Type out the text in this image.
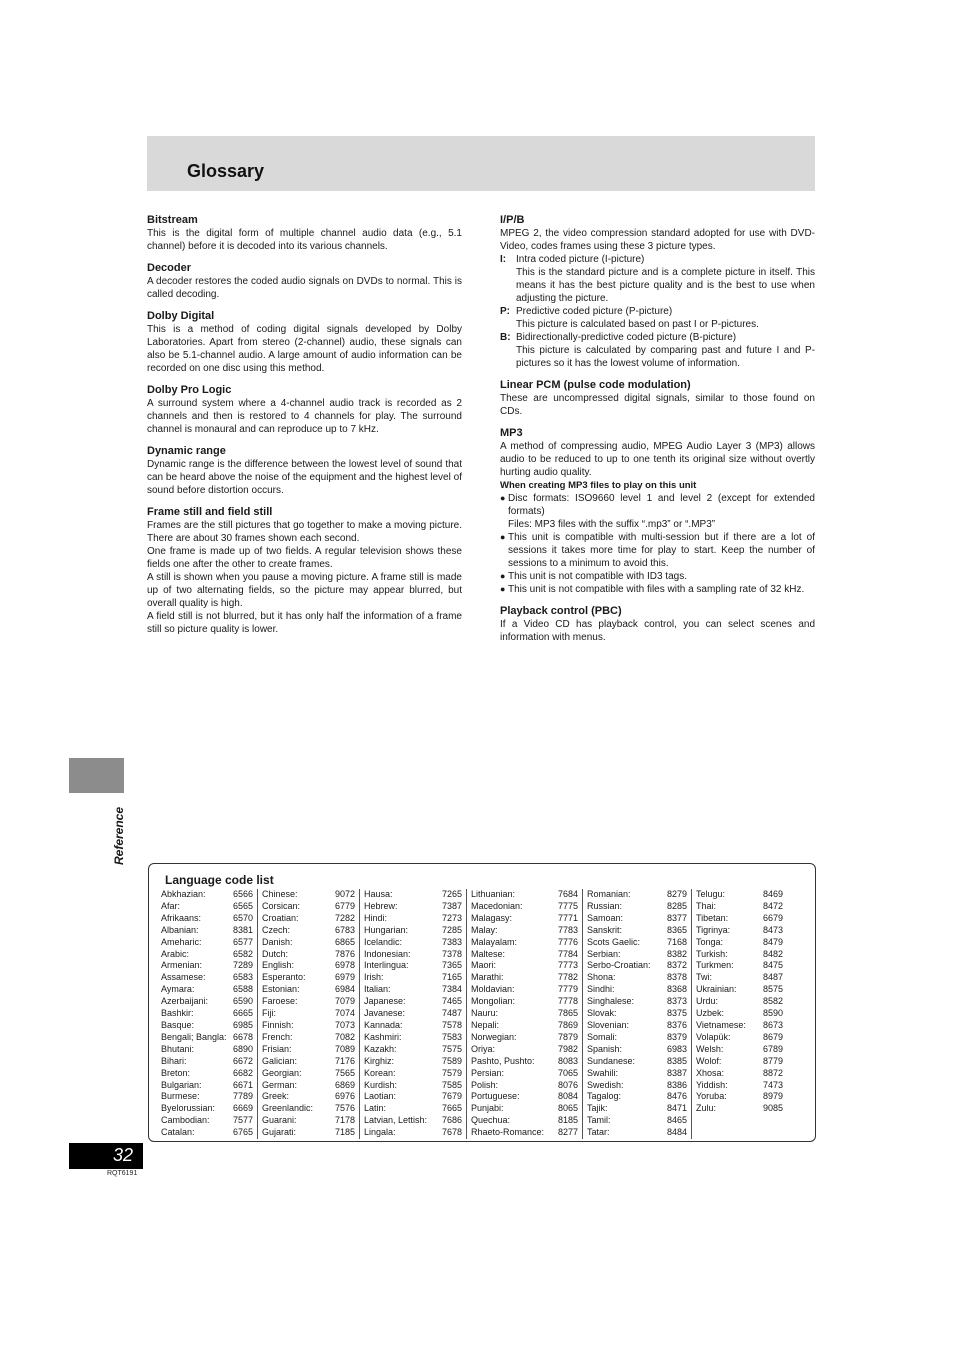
Glossary
Bitstream
This is the digital form of multiple channel audio data (e.g., 5.1 channel) before it is decoded into its various channels.
Decoder
A decoder restores the coded audio signals on DVDs to normal. This is called decoding.
Dolby Digital
This is a method of coding digital signals developed by Dolby Laboratories. Apart from stereo (2-channel) audio, these signals can also be 5.1-channel audio. A large amount of audio information can be recorded on one disc using this method.
Dolby Pro Logic
A surround system where a 4-channel audio track is recorded as 2 channels and then is restored to 4 channels for play. The surround channel is monaural and can reproduce up to 7 kHz.
Dynamic range
Dynamic range is the difference between the lowest level of sound that can be heard above the noise of the equipment and the highest level of sound before distortion occurs.
Frame still and field still
Frames are the still pictures that go together to make a moving picture. There are about 30 frames shown each second.
One frame is made up of two fields. A regular television shows these fields one after the other to create frames.
A still is shown when you pause a moving picture. A frame still is made up of two alternating fields, so the picture may appear blurred, but overall quality is high.
A field still is not blurred, but it has only half the information of a frame still so picture quality is lower.
I/P/B
MPEG 2, the video compression standard adopted for use with DVD-Video, codes frames using these 3 picture types.
I: Intra coded picture (I-picture)
This is the standard picture and is a complete picture in itself. This means it has the best picture quality and is the best to use when adjusting the picture.
P: Predictive coded picture (P-picture)
This picture is calculated based on past I or P-pictures.
B: Bidirectionally-predictive coded picture (B-picture)
This picture is calculated by comparing past and future I and P-pictures so it has the lowest volume of information.
Linear PCM (pulse code modulation)
These are uncompressed digital signals, similar to those found on CDs.
MP3
A method of compressing audio, MPEG Audio Layer 3 (MP3) allows audio to be reduced to up to one tenth its original size without overtly hurting audio quality.
When creating MP3 files to play on this unit
● Disc formats: ISO9660 level 1 and level 2 (except for extended formats)
Files: MP3 files with the suffix “.mp3” or “.MP3”
● This unit is compatible with multi-session but if there are a lot of sessions it takes more time for play to start. Keep the number of sessions to a minimum to avoid this.
● This unit is not compatible with ID3 tags.
● This unit is not compatible with files with a sampling rate of 32 kHz.
Playback control (PBC)
If a Video CD has playback control, you can select scenes and information with menus.
Reference
Language code list
Abkhazian:	6566
Afar:	6565
Afrikaans:	6570
Albanian:	8381
Ameharic:	6577
Arabic:	6582
Armenian:	7289
Assamese:	6583
Aymara:	6588
Azerbaijani:	6590
Bashkir:	6665
Basque:	6985
Bengali; Bangla: 6678
Bhutani:	6890
Bihari:	6672
Breton:	6682
Bulgarian:	6671
Burmese:	7789
Byelorussian: 6669
Cambodian:	7577
Catalan:	6765
Chinese:	9072
Corsican:	6779
Croatian:	7282
Czech:	6783
Danish:	6865
Dutch:	7876
English:	6978
Esperanto:	6979
Estonian:	6984
Faroese:	7079
Fiji:	7074
Finnish:	7073
French:	7082
Frisian:	7089
Galician:	7176
Georgian:	7565
German:	6869
Greek:	6976
Greenlandic: 7576
Guarani:	7178
Gujarati:	7185
Hausa:	7265
Hebrew:	7387
Hindi:	7273
Hungarian:	7285
Icelandic:	7383
Indonesian:	7378
Interlingua:	7365
Irish:	7165
Italian:	7384
Japanese:	7465
Javanese:	7487
Kannada:	7578
Kashmiri:	7583
Kazakh:	7575
Kirghiz:	7589
Korean:	7579
Kurdish:	7585
Laotian:	7679
Latin:	7665
Latvian, Lettish: 7686
Lingala:	7678
Lithuanian:	7684
Macedonian:	7775
Malagasy:	7771
Malay:	7783
Malayalam:	7776
Maltese:	7784
Maori:	7773
Marathi:	7782
Moldavian:	7779
Mongolian:	7778
Nauru:	7865
Nepali:	7869
Norwegian:	7879
Oriya:	7982
Pashto, Pushto:	8083
Persian:	7065
Polish:	8076
Portuguese:	8084
Punjabi:	8065
Quechua:	8185
Rhaeto-Romance: 8277
Romanian:	8279
Russian:	8285
Samoan:	8377
Sanskrit:	8365
Scots Gaelic:	7168
Serbian:	8382
Serbo-Croatian: 8372
Shona:	8378
Sindhi:	8368
Singhalese:	8373
Slovak:	8375
Slovenian:	8376
Somali:	8379
Spanish:	6983
Sundanese:	8385
Swahili:	8387
Swedish:	8386
Tagalog:	8476
Tajik:	8471
Tamil:	8465
Tatar:	8484
Telugu:	8469
Thai:	8472
Tibetan:	6679
Tigrinya:	8473
Tonga:	8479
Turkish:	8482
Turkmen:	8475
Twi:	8487
Ukrainian:	8575
Urdu:	8582
Uzbek:	8590
Vietnamese: 8673
Volapük:	8679
Welsh:	6789
Wolof:	8779
Xhosa:	8872
Yiddish:	7473
Yoruba:	8979
Zulu:	9085
32
RQT6191
